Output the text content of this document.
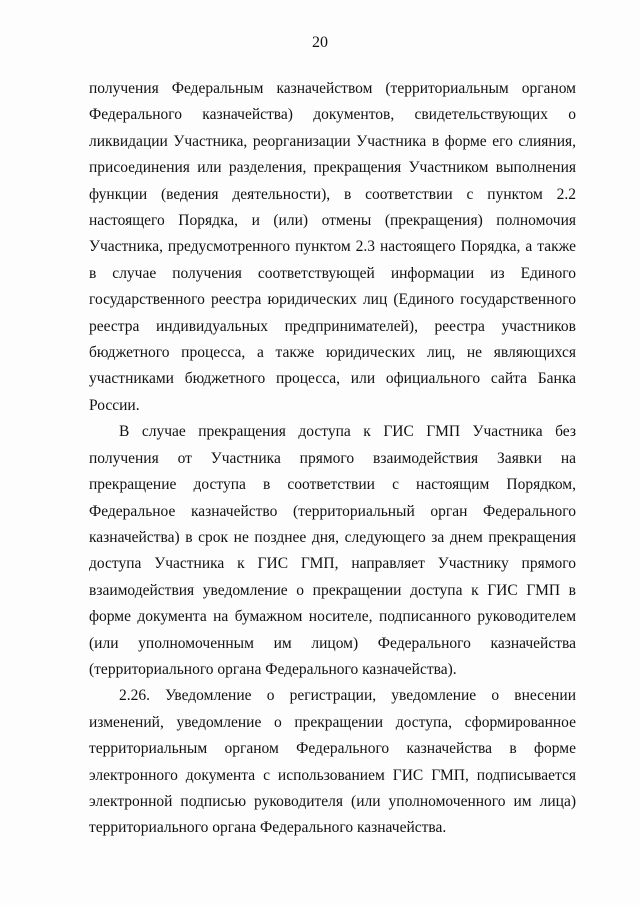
20

получения Федеральным казначейством (территориальным органом Федерального казначейства) документов, свидетельствующих о ликвидации Участника, реорганизации Участника в форме его слияния, присоединения или разделения, прекращения Участником выполнения функции (ведения деятельности), в соответствии с пунктом 2.2 настоящего Порядка, и (или) отмены (прекращения) полномочия Участника, предусмотренного пунктом 2.3 настоящего Порядка, а также в случае получения соответствующей информации из Единого государственного реестра юридических лиц (Единого государственного реестра индивидуальных предпринимателей), реестра участников бюджетного процесса, а также юридических лиц, не являющихся участниками бюджетного процесса, или официального сайта Банка России.

В случае прекращения доступа к ГИС ГМП Участника без получения от Участника прямого взаимодействия Заявки на прекращение доступа в соответствии с настоящим Порядком, Федеральное казначейство (территориальный орган Федерального казначейства) в срок не позднее дня, следующего за днем прекращения доступа Участника к ГИС ГМП, направляет Участнику прямого взаимодействия уведомление о прекращении доступа к ГИС ГМП в форме документа на бумажном носителе, подписанного руководителем (или уполномоченным им лицом) Федерального казначейства (территориального органа Федерального казначейства).

2.26. Уведомление о регистрации, уведомление о внесении изменений, уведомление о прекращении доступа, сформированное территориальным органом Федерального казначейства в форме электронного документа с использованием ГИС ГМП, подписывается электронной подписью руководителя (или уполномоченного им лица) территориального органа Федерального казначейства.
